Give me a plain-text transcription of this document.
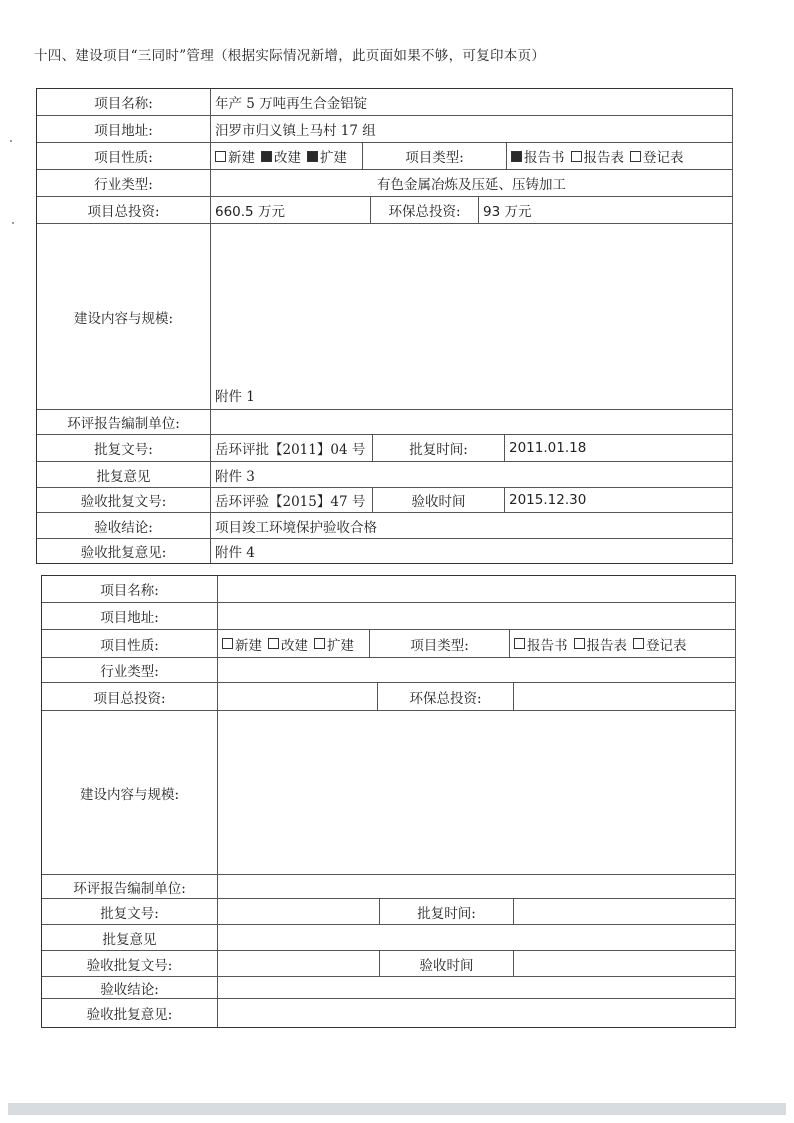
十四、建设项目“三同时”管理（根据实际情况新增，此页面如果不够，可复印本页）
项目名称:	年产 5 万吨再生合金铝锭
项目地址:	汨罗市归义镇上马村 17 组
项目性质:	新建 改建 扩建	项目类型:	报告书 报告表 登记表
行业类型:	有色金属冶炼及压延、压铸加工
项目总投资:	660.5 万元	环保总投资:	93 万元
建设内容与规模:
附件 1
环评报告编制单位:
批复文号:	岳环评批【2011】04 号	批复时间:	2011.01.18
批复意见	附件 3
验收批复文号:	岳环评验【2015】47 号	验收时间	2015.12.30
验收结论:	项目竣工环境保护验收合格
验收批复意见:	附件 4
项目名称:
项目地址:
项目性质:	新建 改建 扩建	项目类型:	报告书 报告表 登记表
行业类型:
项目总投资:	环保总投资:
建设内容与规模:
环评报告编制单位:
批复文号:	批复时间:
批复意见
验收批复文号:	验收时间
验收结论:
验收批复意见:
